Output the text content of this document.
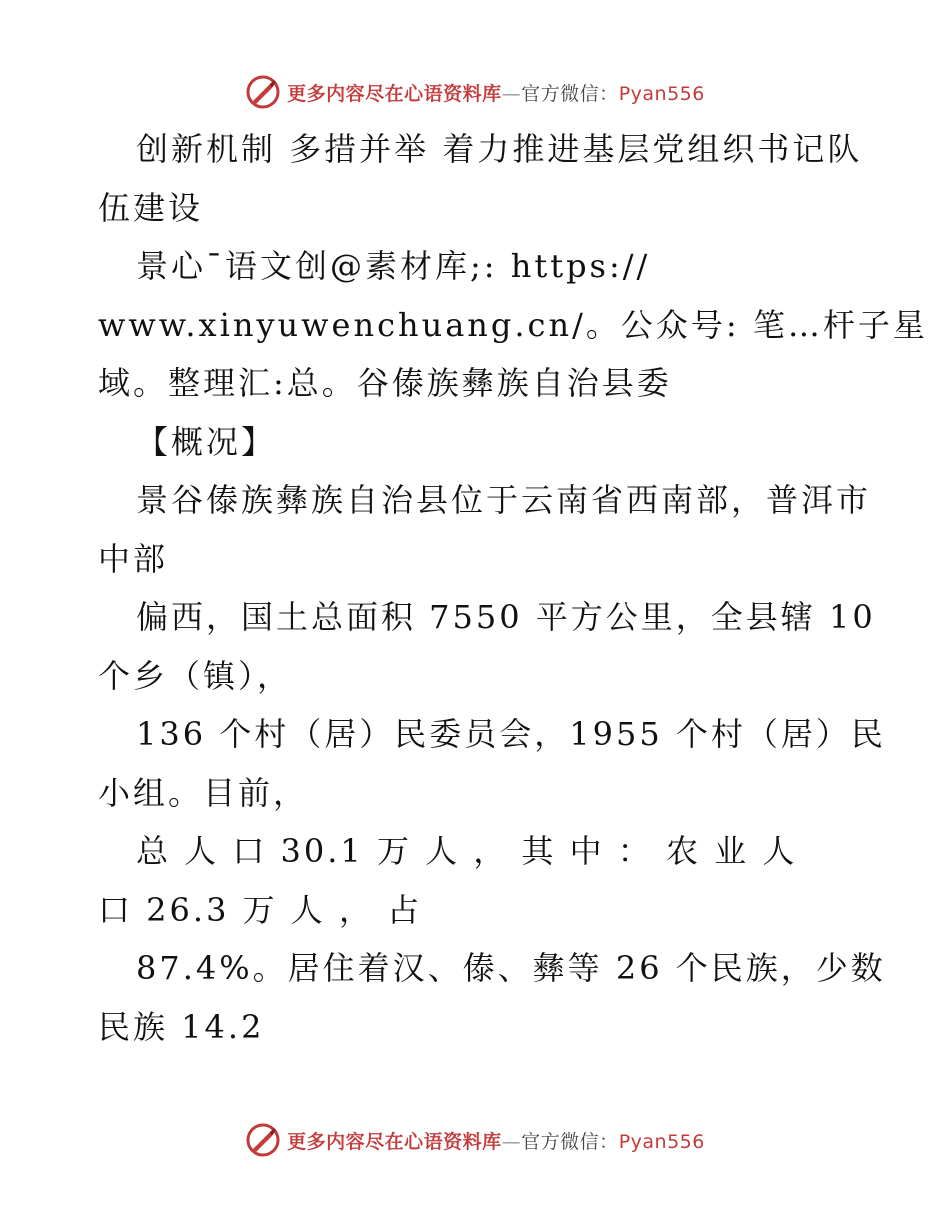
更多内容尽在心语资料库—官方微信：Pyan556

创新机制 多措并举 着力推进基层党组织书记队

伍建设

景心¯语文创@素材库;: https://

www.xinyuwenchuang.cn/。公众号: 笔…杆子星

域。整理汇:总。谷傣族彝族自治县委

【概况】

景谷傣族彝族自治县位于云南省西南部，普洱市

中部

偏西，国土总面积 7550 平方公里，全县辖 10

个乡（镇），

136 个村（居）民委员会，1955 个村（居）民

小组。目前，

总 人 口 30.1 万 人 ， 其 中 ： 农 业 人

口 26.3 万 人 ， 占

87.4%。居住着汉、傣、彝等 26 个民族，少数

民族 14.2

更多内容尽在心语资料库—官方微信：Pyan556
